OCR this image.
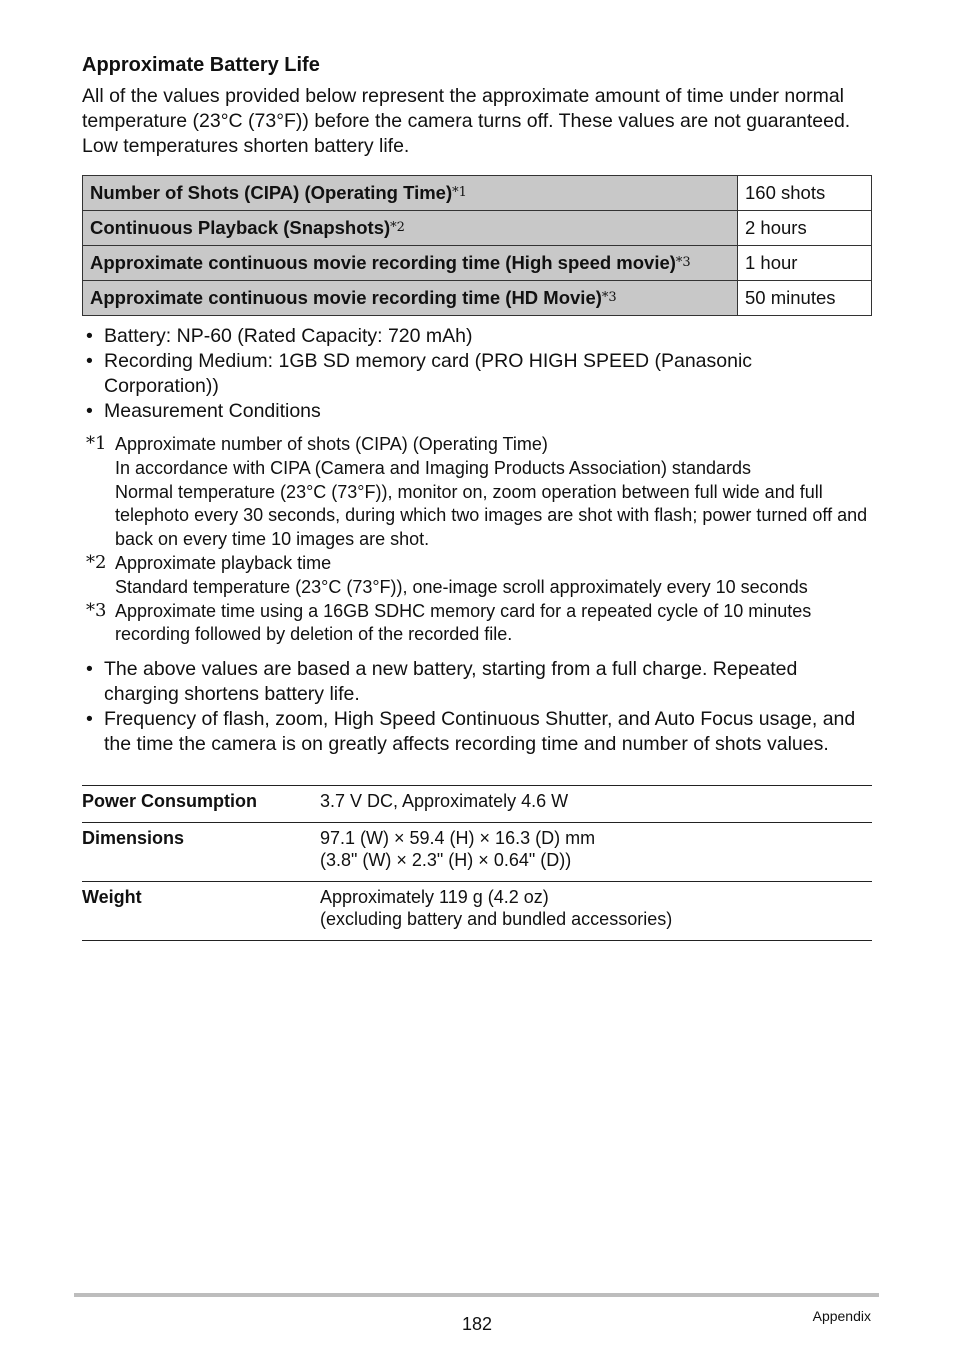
Approximate Battery Life
All of the values provided below represent the approximate amount of time under normal temperature (23°C (73°F)) before the camera turns off. These values are not guaranteed. Low temperatures shorten battery life.
Number of Shots (CIPA) (Operating Time)*1	160 shots
Continuous Playback (Snapshots)*2	2 hours
Approximate continuous movie recording time (High speed movie)*3	1 hour
Approximate continuous movie recording time (HD Movie)*3	50 minutes
• Battery: NP-60 (Rated Capacity: 720 mAh)
• Recording Medium: 1GB SD memory card (PRO HIGH SPEED (Panasonic Corporation))
• Measurement Conditions
*1 Approximate number of shots (CIPA) (Operating Time)
In accordance with CIPA (Camera and Imaging Products Association) standards
Normal temperature (23°C (73°F)), monitor on, zoom operation between full wide and full telephoto every 30 seconds, during which two images are shot with flash; power turned off and back on every time 10 images are shot.
*2 Approximate playback time
Standard temperature (23°C (73°F)), one-image scroll approximately every 10 seconds
*3 Approximate time using a 16GB SDHC memory card for a repeated cycle of 10 minutes recording followed by deletion of the recorded file.
• The above values are based a new battery, starting from a full charge. Repeated charging shortens battery life.
• Frequency of flash, zoom, High Speed Continuous Shutter, and Auto Focus usage, and the time the camera is on greatly affects recording time and number of shots values.
Power Consumption	3.7 V DC, Approximately 4.6 W

Dimensions	97.1 (W) × 59.4 (H) × 16.3 (D) mm
(3.8" (W) × 2.3" (H) × 0.64" (D))

Weight	Approximately 119 g (4.2 oz)
(excluding battery and bundled accessories)
182	Appendix
